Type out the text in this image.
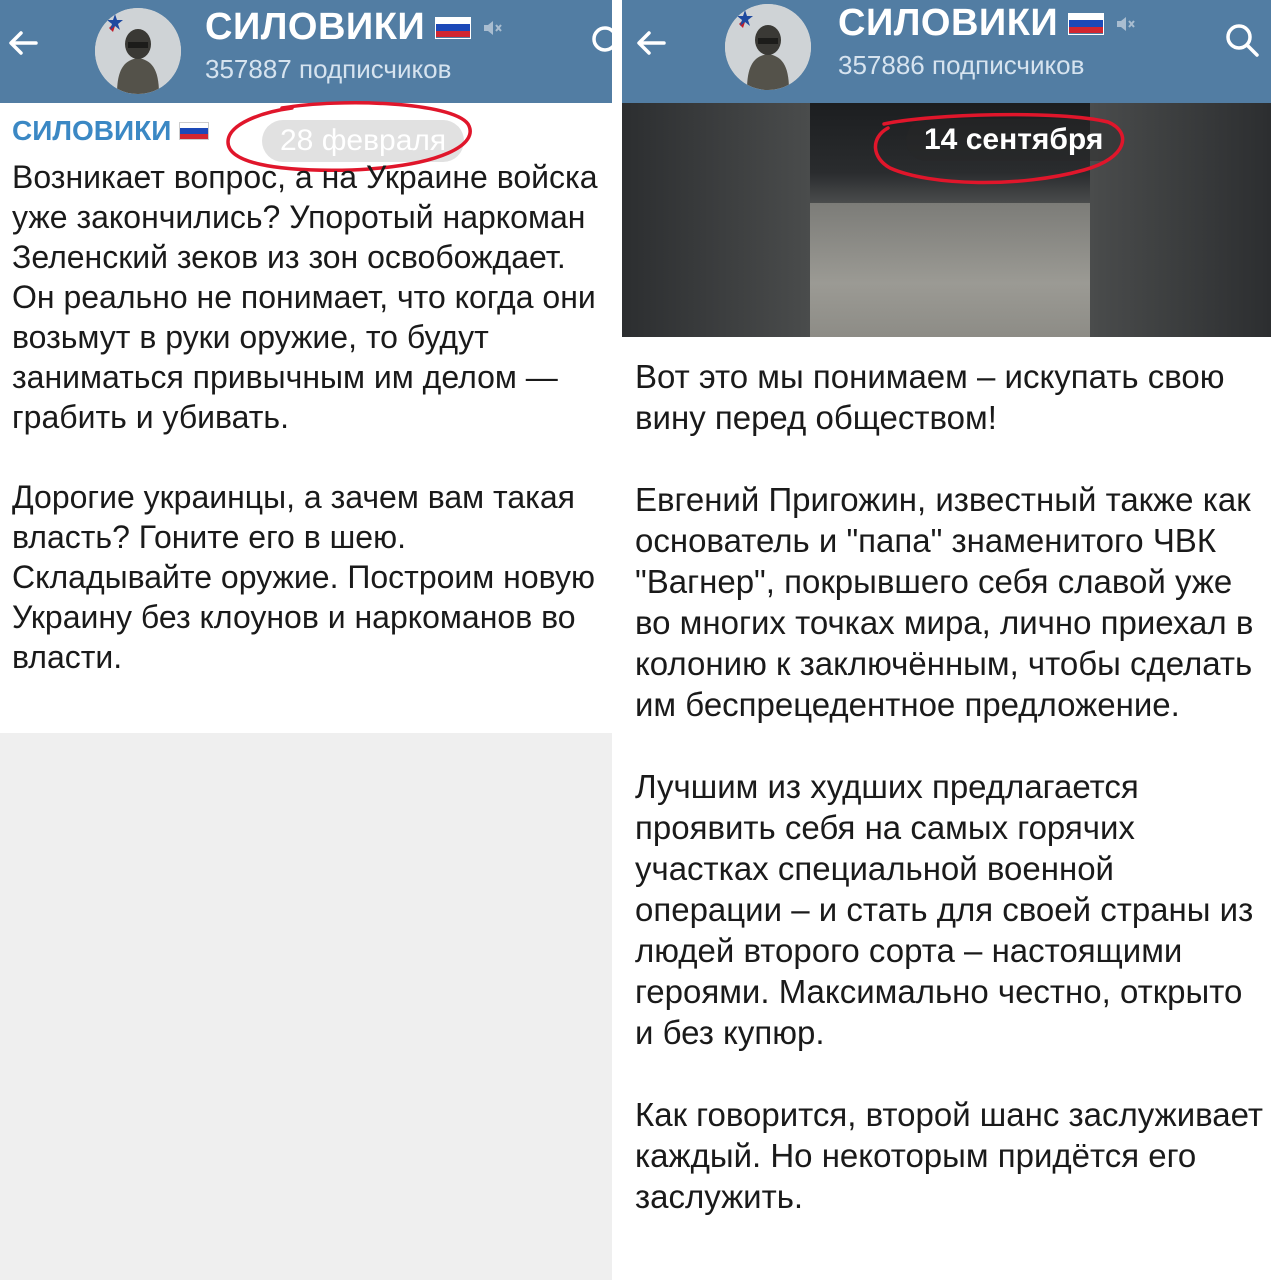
СИЛОВИКИ
357887 подписчиков
СИЛОВИКИ	28 февраля

Возникает вопрос, а на Украине войска уже закончились? Упоротый наркоман Зеленский зеков из зон освобождает. Он реально не понимает, что когда они возьмут в руки оружие, то будут заниматься привычным им делом — грабить и убивать.

Дорогие украинцы, а зачем вам такая власть? Гоните его в шею. Складывайте оружие. Построим новую Украину без клоунов и наркоманов во власти.

СИЛОВИКИ
357886 подписчиков
14 сентября

Вот это мы понимаем – искупать свою вину перед обществом!

Евгений Пригожин, известный также как основатель и "папа" знаменитого ЧВК "Вагнер", покрывшего себя славой уже во многих точках мира, лично приехал в колонию к заключённым, чтобы сделать им беспрецедентное предложение.

Лучшим из худших предлагается проявить себя на самых горячих участках специальной военной операции – и стать для своей страны из людей второго сорта – настоящими героями. Максимально честно, открыто и без купюр.

Как говорится, второй шанс заслуживает каждый. Но некоторым придётся его заслужить.
